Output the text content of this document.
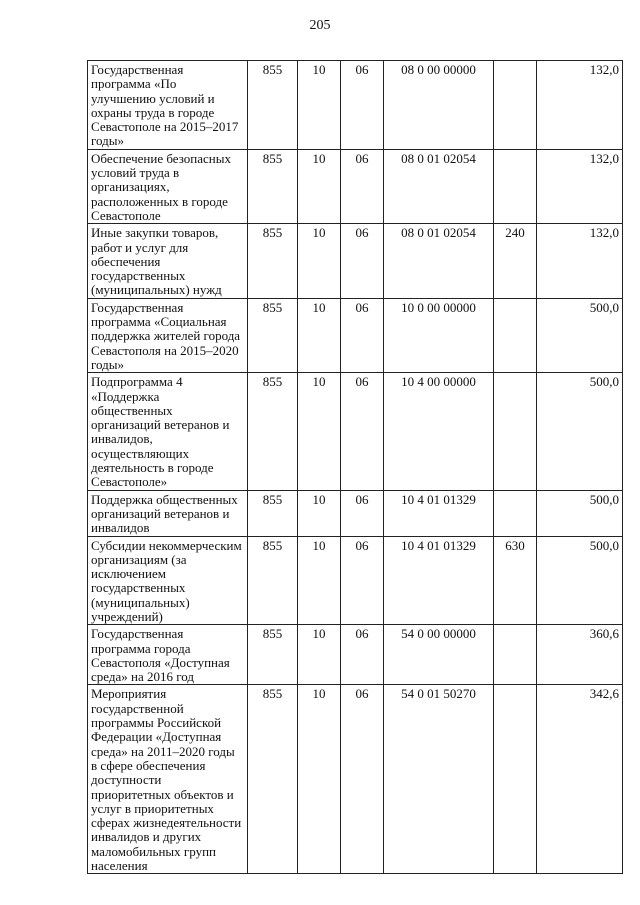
205
Государственная программа «По улучшению условий и охраны труда в городе Севастополе на 2015–2017 годы»	855	10	06	08 0 00 00000		132,0
Обеспечение безопасных условий труда в организациях, расположенных в городе Севастополе	855	10	06	08 0 01 02054		132,0
Иные закупки товаров, работ и услуг для обеспечения государственных (муниципальных) нужд	855	10	06	08 0 01 02054	240	132,0
Государственная программа «Социальная поддержка жителей города Севастополя на 2015–2020 годы»	855	10	06	10 0 00 00000		500,0
Подпрограмма 4 «Поддержка общественных организаций ветеранов и инвалидов, осуществляющих деятельность в городе Севастополе»	855	10	06	10 4 00 00000		500,0
Поддержка общественных организаций ветеранов и инвалидов	855	10	06	10 4 01 01329		500,0
Субсидии некоммерческим организациям (за исключением государственных (муниципальных) учреждений)	855	10	06	10 4 01 01329	630	500,0
Государственная программа города Севастополя «Доступная среда» на 2016 год	855	10	06	54 0 00 00000		360,6
Мероприятия государственной программы Российской Федерации «Доступная среда» на 2011–2020 годы в сфере обеспечения доступности приоритетных объектов и услуг в приоритетных сферах жизнедеятельности инвалидов и других маломобильных групп населения	855	10	06	54 0 01 50270		342,6
